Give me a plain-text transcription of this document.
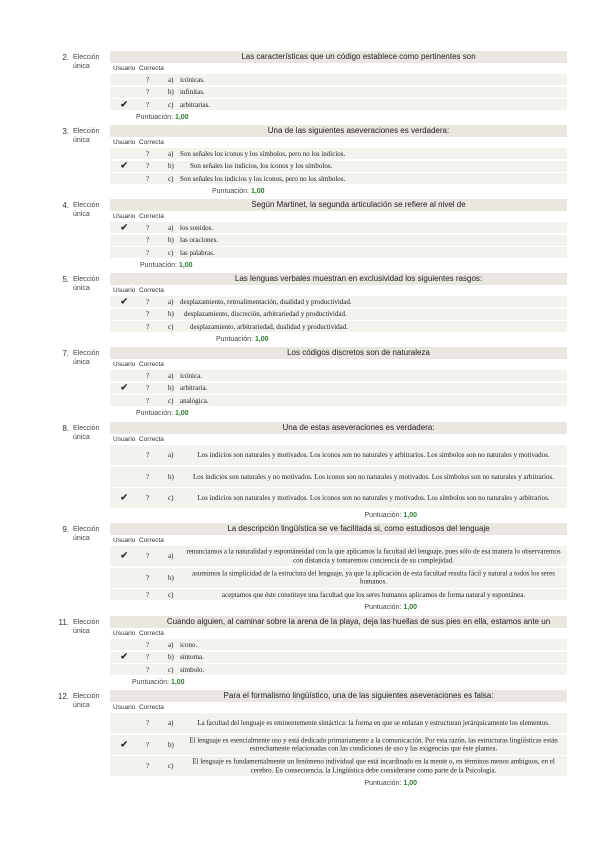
2. Elección única
Las características que un código establece como pertinentes son
Usuario Correcta
?	a) icónicas.
?	b) infinitas.
✔	?	c) arbitrarias.
Puntuación: 1,00
3. Elección única
Una de las siguientes aseveraciones es verdadera:
Usuario Correcta
?	a) Son señales los iconos y los símbolos, pero no los indicios.
✔	?	b) Son señales los indicios, los iconos y los símbolos.
?	c) Son señales los indicios y los iconos, pero no los símbolos.
Puntuación: 1,00
4. Elección única
Según Martinet, la segunda articulación se refiere al nivel de
Usuario Correcta
✔	?	a) los sonidos.
?	b) las oraciones.
?	c) las palabras.
Puntuación: 1,00
5. Elección única
Las lenguas verbales muestran en exclusividad los siguientes rasgos:
Usuario Correcta
✔	?	a) desplazamiento, retroalimentación, dualidad y productividad.
?	b) desplazamiento, discreción, arbitrariedad y productividad.
?	c) desplazamiento, arbitrariedad, dualidad y productividad.
Puntuación: 1,00
7. Elección única
Los códigos discretos son de naturaleza
Usuario Correcta
?	a) icónica.
✔	?	b) arbitraria.
?	c) analógica.
Puntuación: 1,00
8. Elección única
Una de estas aseveraciones es verdadera:
Usuario Correcta
?	a)	Los indicios son naturales y motivados. Los iconos son no naturales y arbitrarios. Los símbolos son no naturales y motivados.
?	b)	Los indicios son naturales y no motivados. Los iconos son no naturales y motivados. Los símbolos son no naturales y arbitrarios.
✔	?	c)	Los indicios son naturales y motivados. Los iconos son no naturales y motivados. Los símbolos son no naturales y arbitrarios.
Puntuación: 1,00
9. Elección única
La descripción lingüística se ve facilitada si, como estudiosos del lenguaje
Usuario Correcta
✔	?	a)
renunciamos a la naturalidad y espontáneidad con la que aplicamos la facultad del lenguaje, pues sólo de esa manera lo observaremos con distancia y tomaremos conciencia de su complejidad.
?	b)
asumimos la simplicidad de la estructura del lenguaje, ya que la aplicación de esta facultad resulta fácil y natural a todos los seres humanos.
?	c)	aceptamos que éste constituye una facultad que los seres humanos aplicamos de forma natural y espontánea.
Puntuación: 1,00
11. Elección única
Cuando alguien, al caminar sobre la arena de la playa, deja las huellas de sus pies en ella, estamos ante un
Usuario Correcta
?	a) icono.
✔	?	b) síntoma.
?	c) símbolo.
Puntuación: 1,00
12. Elección única
Para el formalismo lingüístico, una de las siguientes aseveraciones es falsa:
Usuario Correcta
?	a)	La facultad del lenguaje es eminentemente sintáctica: la forma en que se enlazan y estructuran jerárquicamente los elementos.
✔	?	b)
El lenguaje es esencialmente uso y está dedicado primariamente a la comunicación. Por esta razón, las estructuras lingüísticas están estrechamente relacionadas con las condiciones de uso y las exigencias que éste plantea.
?	c)
El lenguaje es fundamentalmente un fenómeno individual que está incardinado en la mente o, en términos menos ambiguos, en el cerebro. En consecuencia, la Lingüística debe considerarse como parte de la Psicología.
Puntuación: 1,00
